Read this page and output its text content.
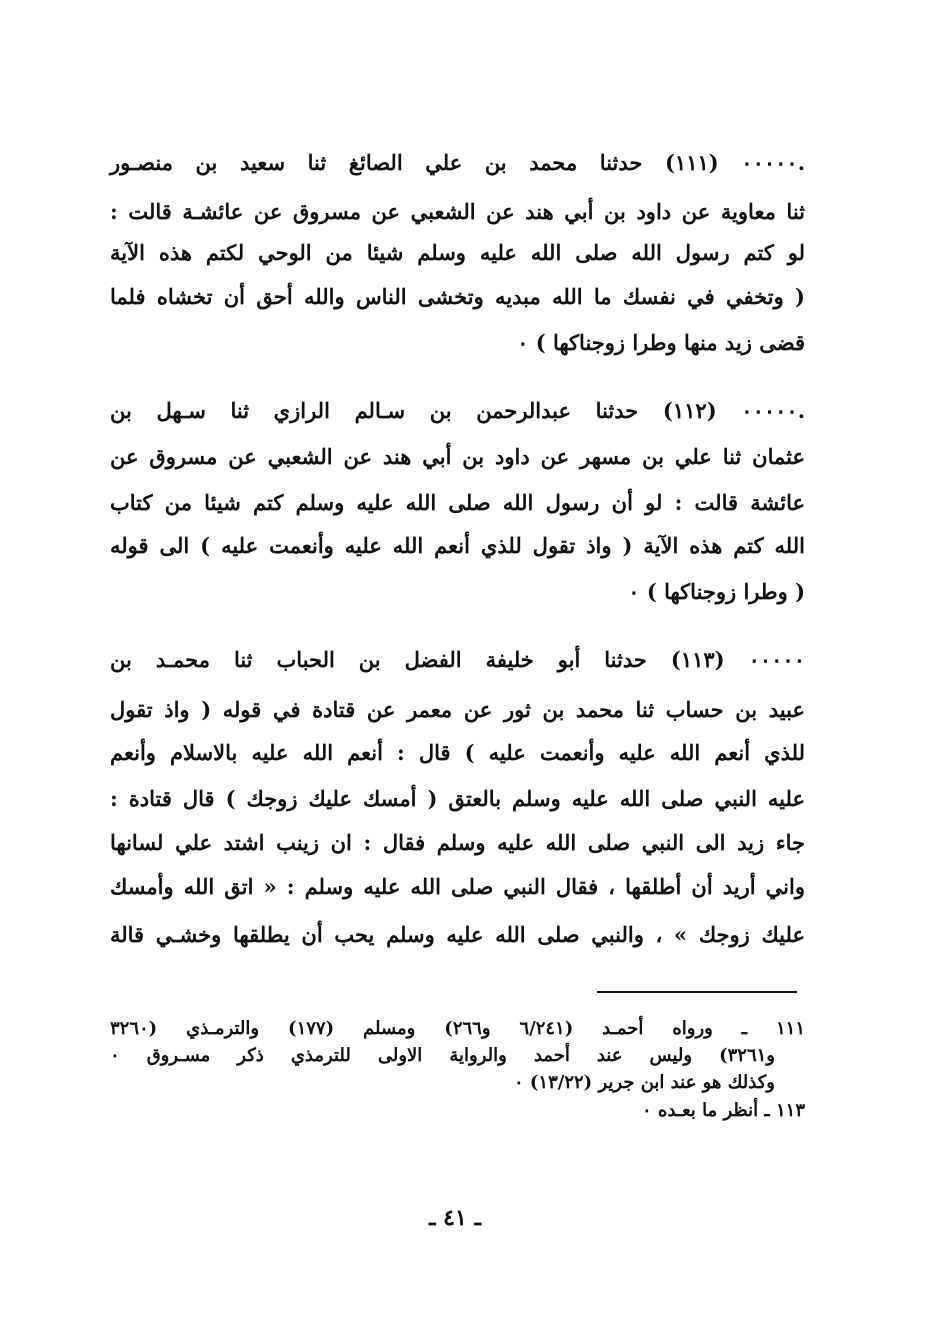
.٠٠٠٠٠ (١١١) حدثنا محمد بن علي الصائغ ثنا سعيد بن منصـور
ثنا معاوية عن داود بن أبي هند عن الشعبي عن مسروق عن عائشـة قالت :
لو كتم رسول الله صلى الله عليه وسلم شيئا من الوحي لكتم هذه الآية
( وتخفي في نفسك ما الله مبديه وتخشى الناس والله أحق أن تخشاه فلما
قضى زيد منها وطرا زوجناكها ) ٠
.٠٠٠٠٠ (١١٢) حدثنا عبدالرحمن بن سـالم الرازي ثنا سـهل بن
عثمان ثنا علي بن مسهر عن داود بن أبي هند عن الشعبي عن مسروق عن
عائشة قالت : لو أن رسول الله صلى الله عليه وسلم كتم شيئا من كتاب
الله كتم هذه الآية ( واذ تقول للذي أنعم الله عليه وأنعمت عليه ) الى قوله
( وطرا زوجناكها ) ٠
٠٠٠٠٠ (١١٣) حدثنا أبو خليفة الفضل بن الحباب ثنا محمـد بن
عبيد بن حساب ثنا محمد بن ثور عن معمر عن قتادة في قوله ( واذ تقول
للذي أنعم الله عليه وأنعمت عليه ) قال : أنعم الله عليه بالاسلام وأنعم
عليه النبي صلى الله عليه وسلم بالعتق ( أمسك عليك زوجك ) قال قتادة :
جاء زيد الى النبي صلى الله عليه وسلم فقال : ان زينب اشتد علي لسانها
واني أريد أن أطلقها ، فقال النبي صلى الله عليه وسلم : « اتق الله وأمسك
عليك زوجك » ، والنبي صلى الله عليه وسلم يحب أن يطلقها وخشـي قالة
١١١ ـ ورواه أحمـد (٦/٢٤١ و٢٦٦) ومسلم (١٧٧) والترمـذي (٣٢٦٠
و٣٢٦١) وليس عند أحمد والرواية الاولى للترمذي ذكر مسـروق ٠
وكذلك هو عند ابن جرير (١٣/٢٢) ٠
١١٣ ـ أنظر ما بعـده ٠
ـ ٤١ ـ
